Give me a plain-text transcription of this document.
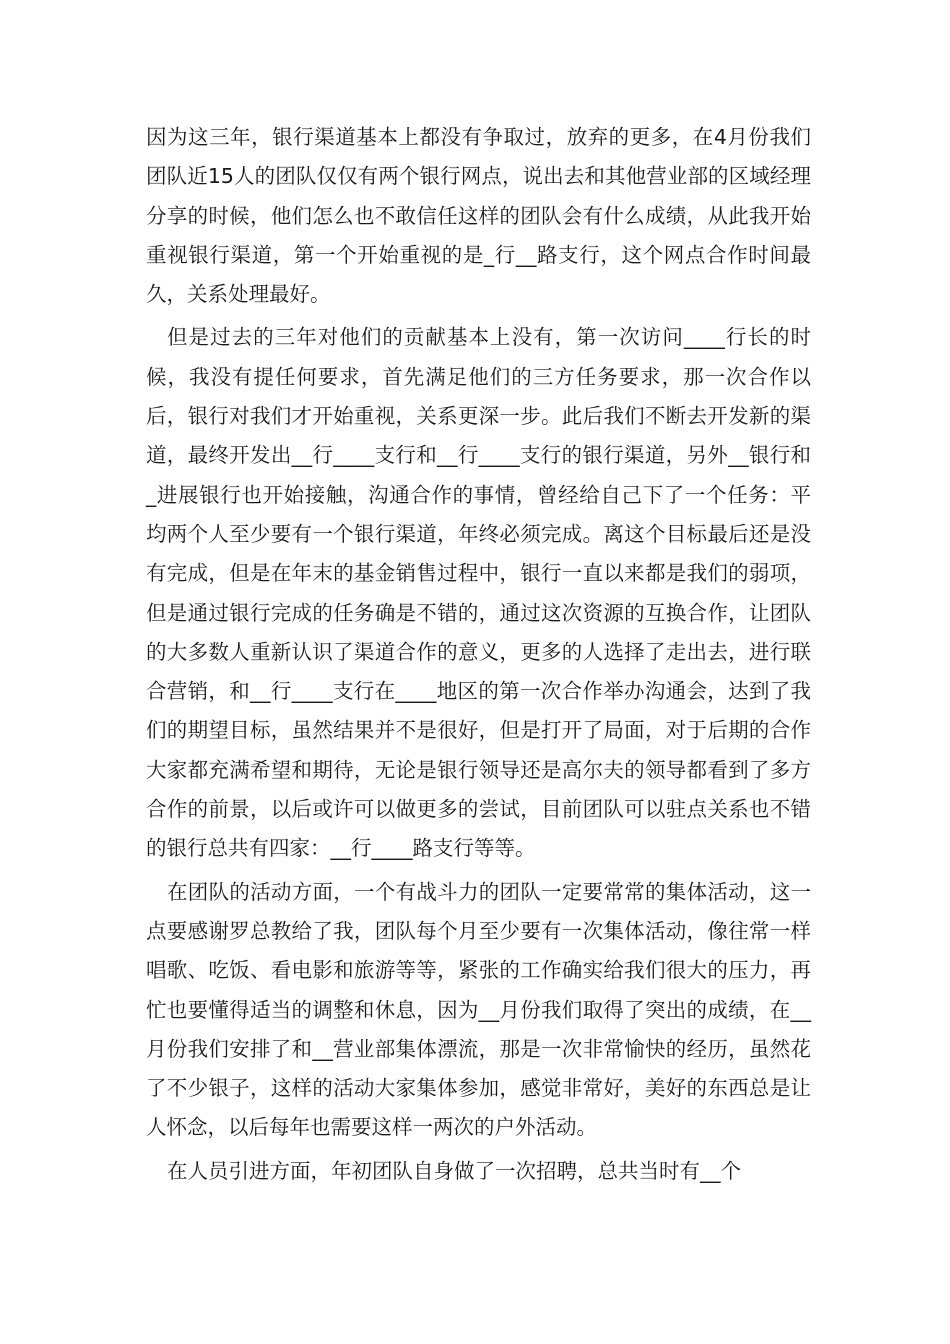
因为这三年，银行渠道基本上都没有争取过，放弃的更多，在4月份我们团队近15人的团队仅仅有两个银行网点，说出去和其他营业部的区域经理分享的时候，他们怎么也不敢信任这样的团队会有什么成绩，从此我开始重视银行渠道，第一个开始重视的是_行__路支行，这个网点合作时间最久，关系处理最好。

但是过去的三年对他们的贡献基本上没有，第一次访问____行长的时候，我没有提任何要求，首先满足他们的三方任务要求，那一次合作以后，银行对我们才开始重视，关系更深一步。此后我们不断去开发新的渠道，最终开发出__行____支行和__行____支行的银行渠道，另外__银行和_进展银行也开始接触，沟通合作的事情，曾经给自己下了一个任务：平均两个人至少要有一个银行渠道，年终必须完成。离这个目标最后还是没有完成，但是在年末的基金销售过程中，银行一直以来都是我们的弱项，但是通过银行完成的任务确是不错的，通过这次资源的互换合作，让团队的大多数人重新认识了渠道合作的意义，更多的人选择了走出去，进行联合营销，和__行____支行在____地区的第一次合作举办沟通会，达到了我们的期望目标，虽然结果并不是很好，但是打开了局面，对于后期的合作大家都充满希望和期待，无论是银行领导还是高尔夫的领导都看到了多方合作的前景，以后或许可以做更多的尝试，目前团队可以驻点关系也不错的银行总共有四家：__行____路支行等等。

在团队的活动方面，一个有战斗力的团队一定要常常的集体活动，这一点要感谢罗总教给了我，团队每个月至少要有一次集体活动，像往常一样唱歌、吃饭、看电影和旅游等等，紧张的工作确实给我们很大的压力，再忙也要懂得适当的调整和休息，因为__月份我们取得了突出的成绩，在__月份我们安排了和__营业部集体漂流，那是一次非常愉快的经历，虽然花了不少银子，这样的活动大家集体参加，感觉非常好，美好的东西总是让人怀念，以后每年也需要这样一两次的户外活动。

在人员引进方面，年初团队自身做了一次招聘，总共当时有__个
